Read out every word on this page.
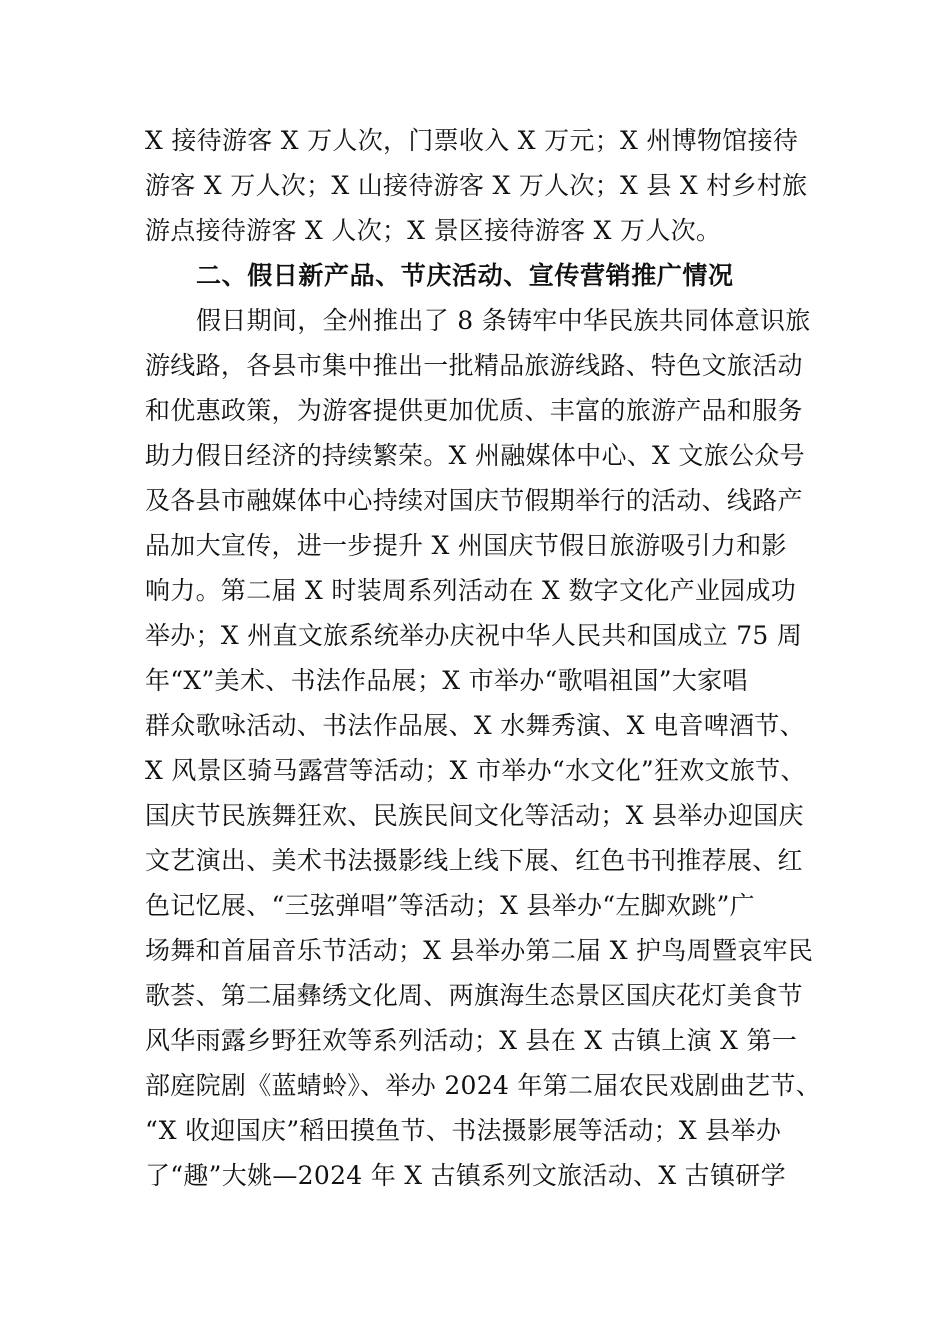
X 接待游客 X 万人次，门票收入 X 万元；X 州博物馆接待
游客 X 万人次；X 山接待游客 X 万人次；X 县 X 村乡村旅
游点接待游客 X 人次；X 景区接待游客 X 万人次。
二、假日新产品、节庆活动、宣传营销推广情况
假日期间，全州推出了 8 条铸牢中华民族共同体意识旅
游线路，各县市集中推出一批精品旅游线路、特色文旅活动
和优惠政策，为游客提供更加优质、丰富的旅游产品和服务
助力假日经济的持续繁荣。X 州融媒体中心、X 文旅公众号
及各县市融媒体中心持续对国庆节假期举行的活动、线路产
品加大宣传，进一步提升 X 州国庆节假日旅游吸引力和影
响力。第二届 X 时装周系列活动在 X 数字文化产业园成功
举办；X 州直文旅系统举办庆祝中华人民共和国成立 75 周
年“X”美术、书法作品展；X 市举办“歌唱祖国”大家唱
群众歌咏活动、书法作品展、X 水舞秀演、X 电音啤酒节、
X 风景区骑马露营等活动；X 市举办“水文化”狂欢文旅节、
国庆节民族舞狂欢、民族民间文化等活动；X 县举办迎国庆
文艺演出、美术书法摄影线上线下展、红色书刊推荐展、红
色记忆展、“三弦弹唱”等活动；X 县举办“左脚欢跳”广
场舞和首届音乐节活动；X 县举办第二届 X 护鸟周暨哀牢民
歌荟、第二届彝绣文化周、两旗海生态景区国庆花灯美食节
风华雨露乡野狂欢等系列活动；X 县在 X 古镇上演 X 第一
部庭院剧《蓝蜻蛉》、举办 2024 年第二届农民戏剧曲艺节、
“X 收迎国庆”稻田摸鱼节、书法摄影展等活动；X 县举办
了“趣”大姚—2024 年 X 古镇系列文旅活动、X 古镇研学
